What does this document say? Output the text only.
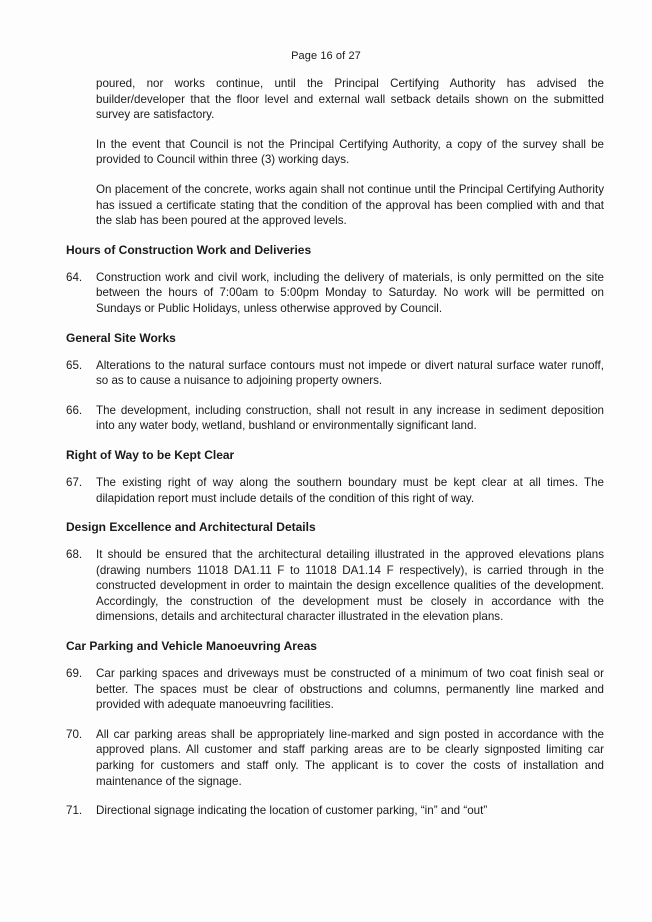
Page 16 of 27

poured, nor works continue, until the Principal Certifying Authority has advised the builder/developer that the floor level and external wall setback details shown on the submitted survey are satisfactory.

In the event that Council is not the Principal Certifying Authority, a copy of the survey shall be provided to Council within three (3) working days.

On placement of the concrete, works again shall not continue until the Principal Certifying Authority has issued a certificate stating that the condition of the approval has been complied with and that the slab has been poured at the approved levels.

Hours of Construction Work and Deliveries
64.	Construction work and civil work, including the delivery of materials, is only permitted on the site between the hours of 7:00am to 5:00pm Monday to Saturday. No work will be permitted on Sundays or Public Holidays, unless otherwise approved by Council.
General Site Works
65.	Alterations to the natural surface contours must not impede or divert natural surface water runoff, so as to cause a nuisance to adjoining property owners.
66.	The development, including construction, shall not result in any increase in sediment deposition into any water body, wetland, bushland or environmentally significant land.
Right of Way to be Kept Clear
67.	The existing right of way along the southern boundary must be kept clear at all times. The dilapidation report must include details of the condition of this right of way.
Design Excellence and Architectural Details
68.	It should be ensured that the architectural detailing illustrated in the approved elevations plans (drawing numbers 11018 DA1.11 F to 11018 DA1.14 F respectively), is carried through in the constructed development in order to maintain the design excellence qualities of the development. Accordingly, the construction of the development must be closely in accordance with the dimensions, details and architectural character illustrated in the elevation plans.
Car Parking and Vehicle Manoeuvring Areas
69.	Car parking spaces and driveways must be constructed of a minimum of two coat finish seal or better. The spaces must be clear of obstructions and columns, permanently line marked and provided with adequate manoeuvring facilities.
70.	All car parking areas shall be appropriately line-marked and sign posted in accordance with the approved plans. All customer and staff parking areas are to be clearly signposted limiting car parking for customers and staff only. The applicant is to cover the costs of installation and maintenance of the signage.
71.	Directional signage indicating the location of customer parking, “in” and “out”
